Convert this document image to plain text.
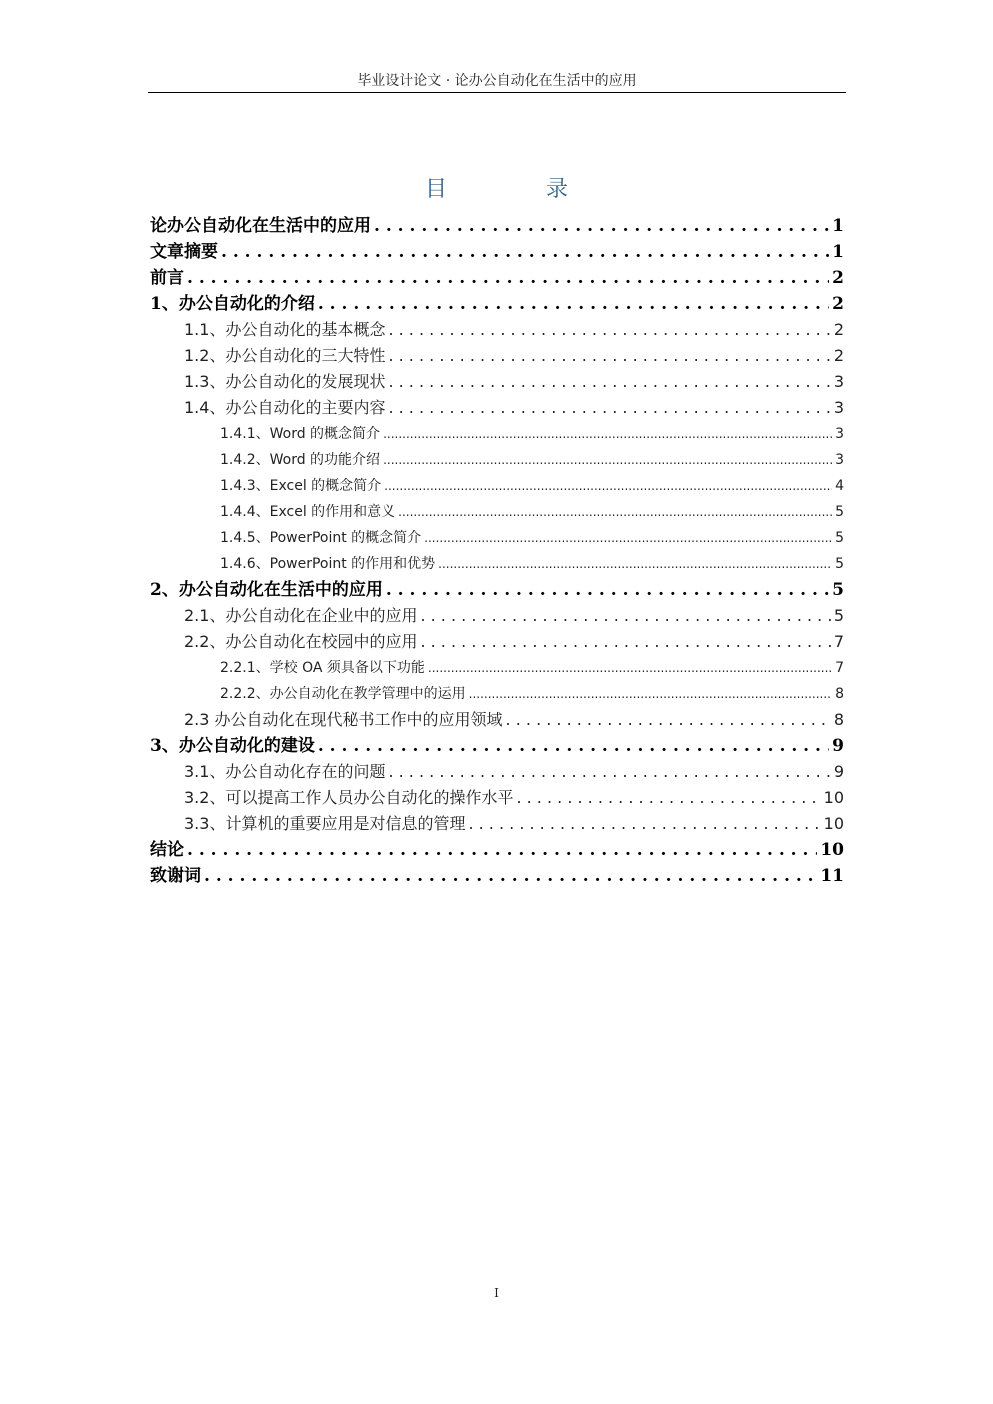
毕业设计论文 · 论办公自动化在生活中的应用
目 录
论办公自动化在生活中的应用 . . .	1
文章摘要 . . .	1
前言 . . .	2
1、办公自动化的介绍 . . .	2
1.1、办公自动化的基本概念 . . .	2
1.2、办公自动化的三大特性 . . .	2
1.3、办公自动化的发展现状 . . .	3
1.4、办公自动化的主要内容 . . .	3
1.4.1、Word 的概念简介 .....	3
1.4.2、Word 的功能介绍 .....	3
1.4.3、Excel 的概念简介 .....	4
1.4.4、Excel 的作用和意义 .....	5
1.4.5、PowerPoint 的概念简介 .....	5
1.4.6、PowerPoint 的作用和优势 .....	5
2、办公自动化在生活中的应用 . . .	5
2.1、办公自动化在企业中的应用 . . .	5
2.2、办公自动化在校园中的应用 . . .	7
2.2.1、学校 OA 须具备以下功能 .....	7
2.2.2、办公自动化在教学管理中的运用 .....	8
2.3 办公自动化在现代秘书工作中的应用领域 . . .	8
3、办公自动化的建设 . . .	9
3.1、办公自动化存在的问题 . . .	9
3.2、可以提高工作人员办公自动化的操作水平 . . .	10
3.3、计算机的重要应用是对信息的管理 . . .	10
结论 . . .	10
致谢词 . . .	11
I
